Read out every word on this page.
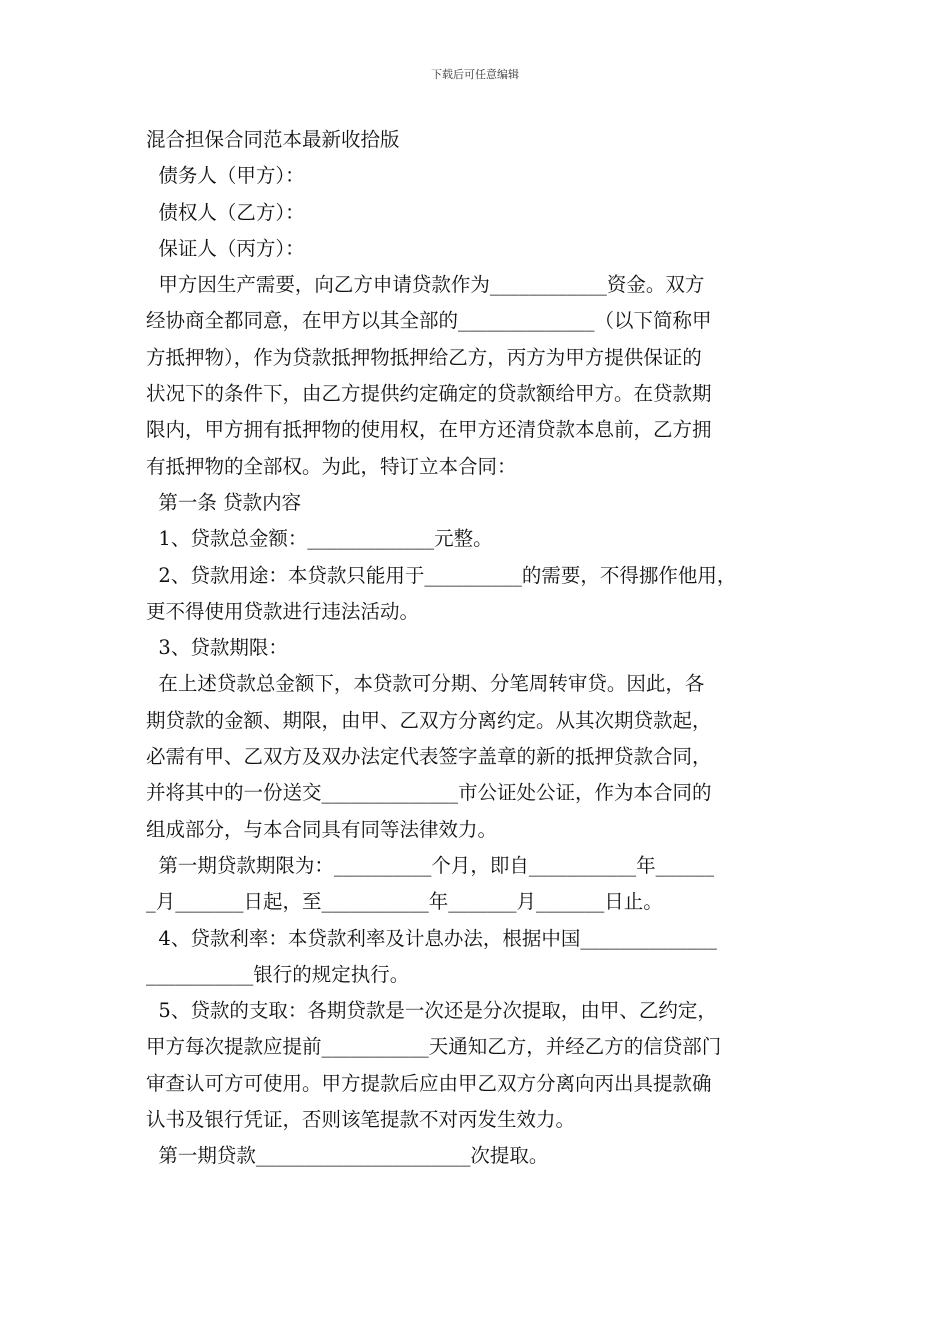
下载后可任意编辑

混合担保合同范本最新收拾版

债务人（甲方）：

债权人（乙方）：

保证人（丙方）：

甲方因生产需要，向乙方申请贷款作为____________资金。双方

经协商全都同意，在甲方以其全部的______________（以下简称甲

方抵押物），作为贷款抵押物抵押给乙方，丙方为甲方提供保证的

状况下的条件下，由乙方提供约定确定的贷款额给甲方。在贷款期

限内，甲方拥有抵押物的使用权，在甲方还清贷款本息前，乙方拥

有抵押物的全部权。为此，特订立本合同：

第一条 贷款内容

1、贷款总金额：_____________元整。

2、贷款用途：本贷款只能用于__________的需要，不得挪作他用，

更不得使用贷款进行违法活动。

3、贷款期限：

在上述贷款总金额下，本贷款可分期、分笔周转审贷。因此，各

期贷款的金额、期限，由甲、乙双方分离约定。从其次期贷款起，

必需有甲、乙双方及双办法定代表签字盖章的新的抵押贷款合同，

并将其中的一份送交______________市公证处公证，作为本合同的

组成部分，与本合同具有同等法律效力。

第一期贷款期限为：__________个月，即自___________年______

_月_______日起，至___________年_______月_______日止。

4、贷款利率：本贷款利率及计息办法，根据中国______________

___________银行的规定执行。

5、贷款的支取：各期贷款是一次还是分次提取，由甲、乙约定，

甲方每次提款应提前___________天通知乙方，并经乙方的信贷部门

审查认可方可使用。甲方提款后应由甲乙双方分离向丙出具提款确

认书及银行凭证，否则该笔提款不对丙发生效力。

第一期贷款______________________次提取。
